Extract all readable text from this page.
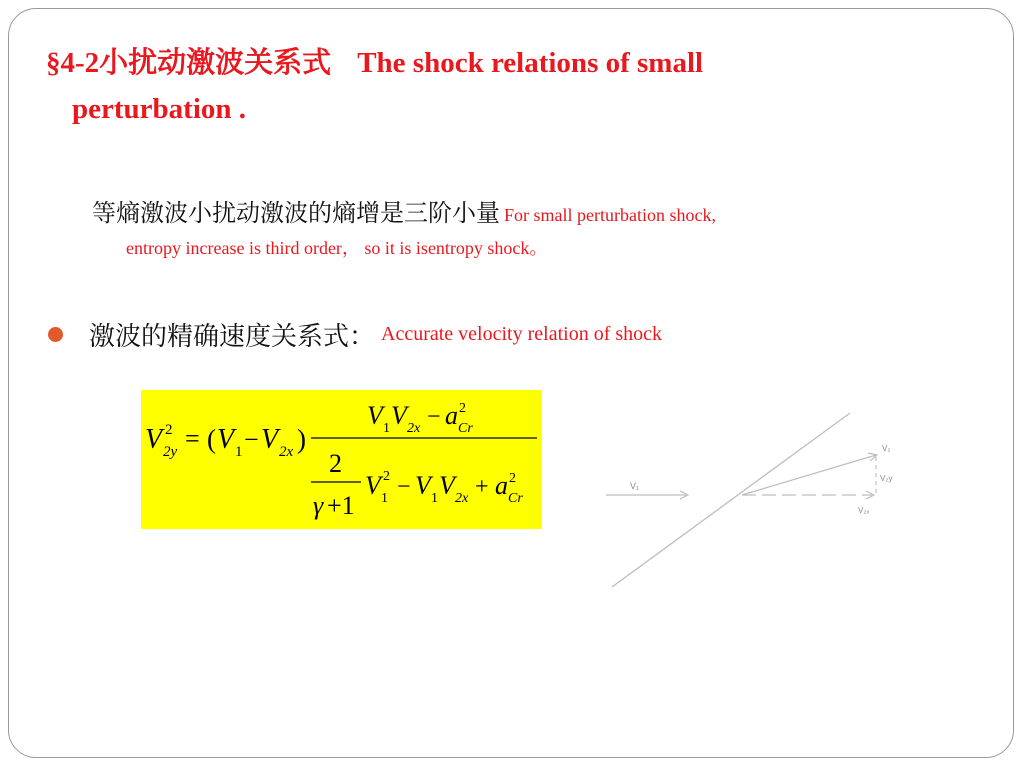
§4-2小扰动激波关系式 The shock relations of small
perturbation .
等熵激波小扰动激波的熵增是三阶小量 For small perturbation shock,
entropy increase is third order， so it is isentropy shock。
激波的精确速度关系式： Accurate velocity relation of shock
V 2
2y = ( V 1 − V 2x )
V 1 V 2x − a 2
Cr
2
γ +1
V 1
2 − V 1 V 2x + a 2
Cr
V₁
V₂
V₂ₓ
V₂y
